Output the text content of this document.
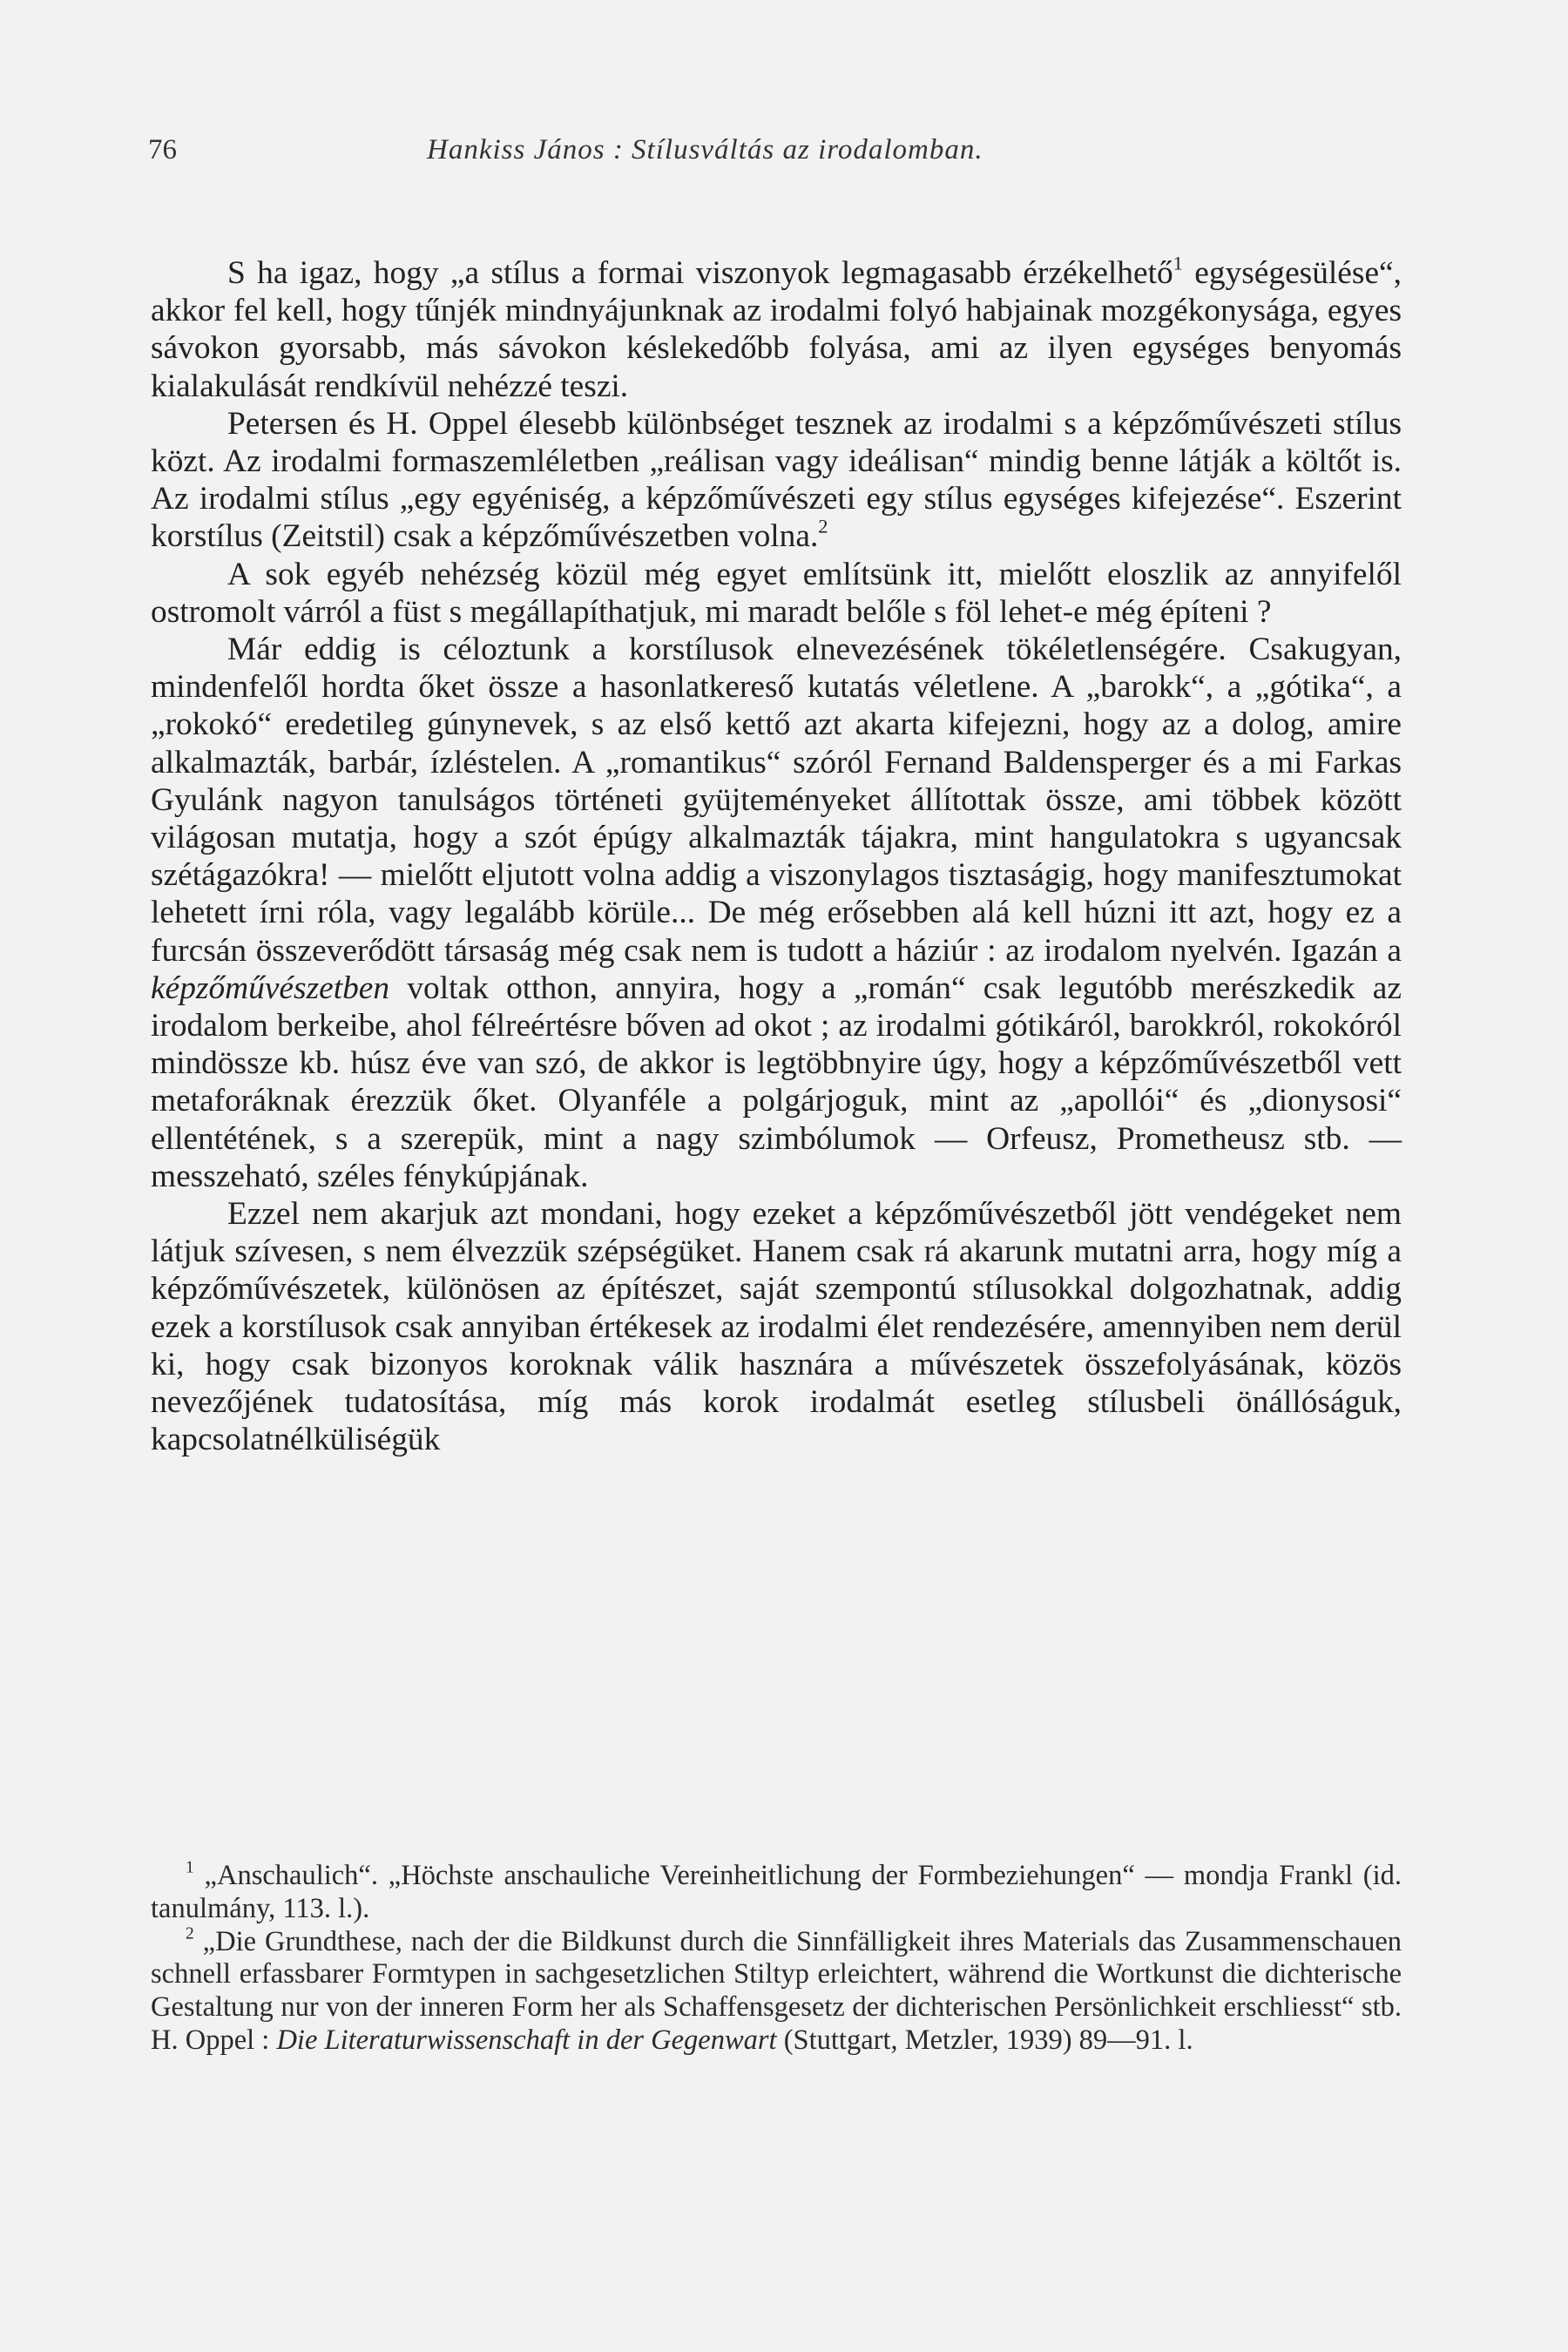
76	Hankiss János : Stílusváltás az irodalomban.

S ha igaz, hogy „a stílus a formai viszonyok legmagasabb érzékelhető$^1$ egységesülése“, akkor fel kell, hogy tűnjék mindnyájunknak az irodalmi folyó habjainak mozgékonysága, egyes sávokon gyorsabb, más sávokon késlekedőbb folyása, ami az ilyen egységes benyomás kialakulását rendkívül nehézzé teszi.

Petersen és H. Oppel élesebb különbséget tesznek az irodalmi s a képzőművészeti stílus közt. Az irodalmi formaszemléletben „reálisan vagy ideálisan“ mindig benne látják a költőt is. Az irodalmi stílus „egy egyéniség, a képzőművészeti egy stílus egységes kifejezése“. Eszerint korstílus (Zeitstil) csak a képzőművészetben volna.$^2$

A sok egyéb nehézség közül még egyet említsünk itt, mielőtt eloszlik az annyifelől ostromolt várról a füst s megállapíthatjuk, mi maradt belőle s föl lehet-e még építeni ?

Már eddig is céloztunk a korstílusok elnevezésének tökéletlenségére. Csakugyan, mindenfelől hordta őket össze a hasonlatkereső kutatás véletlene. A „barokk“, a „gótika“, a „rokokó“ eredetileg gúnynevek, s az első kettő azt akarta kifejezni, hogy az a dolog, amire alkalmazták, barbár, ízléstelen. A „romantikus“ szóról Fernand Baldensperger és a mi Farkas Gyulánk nagyon tanulságos történeti gyüjteményeket állítottak össze, ami többek között világosan mutatja, hogy a szót épúgy alkalmazták tájakra, mint hangulatokra s ugyancsak szétágazókra! — mielőtt eljutott volna addig a viszonylagos tisztaságig, hogy manifesztumokat lehetett írni róla, vagy legalább körüle... De még erősebben alá kell húzni itt azt, hogy ez a furcsán összeverődött társaság még csak nem is tudott a háziúr : az irodalom nyelvén. Igazán a képzőművészetben voltak otthon, annyira, hogy a „román“ csak legutóbb merészkedik az irodalom berkeibe, ahol félreértésre bőven ad okot ; az irodalmi gótikáról, barokkról, rokokóról mindössze kb. húsz éve van szó, de akkor is legtöbbnyire úgy, hogy a képzőművészetből vett metaforáknak érezzük őket. Olyanféle a polgárjoguk, mint az „apollói“ és „dionysosi“ ellentétének, s a szerepük, mint a nagy szimbólumok — Orfeusz, Prometheusz stb. — messzeható, széles fénykúpjának.

Ezzel nem akarjuk azt mondani, hogy ezeket a képzőművészetből jött vendégeket nem látjuk szívesen, s nem élvezzük szépségüket. Hanem csak rá akarunk mutatni arra, hogy míg a képzőművészetek, különösen az építészet, saját szempontú stílusokkal dolgozhatnak, addig ezek a korstílusok csak annyiban értékesek az irodalmi élet rendezésére, amennyiben nem derül ki, hogy csak bizonyos koroknak válik hasznára a művészetek összefolyásának, közös nevezőjének tudatosítása, míg más korok irodalmát esetleg stílusbeli önállóságuk, kapcsolatnélküliségük

$^1$ „Anschaulich“. „Höchste anschauliche Vereinheitlichung der Formbeziehungen“ — mondja Frankl (id. tanulmány, 113. l.).

$^2$ „Die Grundthese, nach der die Bildkunst durch die Sinnfälligkeit ihres Materials das Zusammenschauen schnell erfassbarer Formtypen in sachgesetzlichen Stiltyp erleichtert, während die Wortkunst die dichterische Gestaltung nur von der inneren Form her als Schaffensgesetz der dichterischen Persönlichkeit erschliesst“ stb. H. Oppel : Die Literaturwissenschaft in der Gegenwart (Stuttgart, Metzler, 1939) 89—91. l.
